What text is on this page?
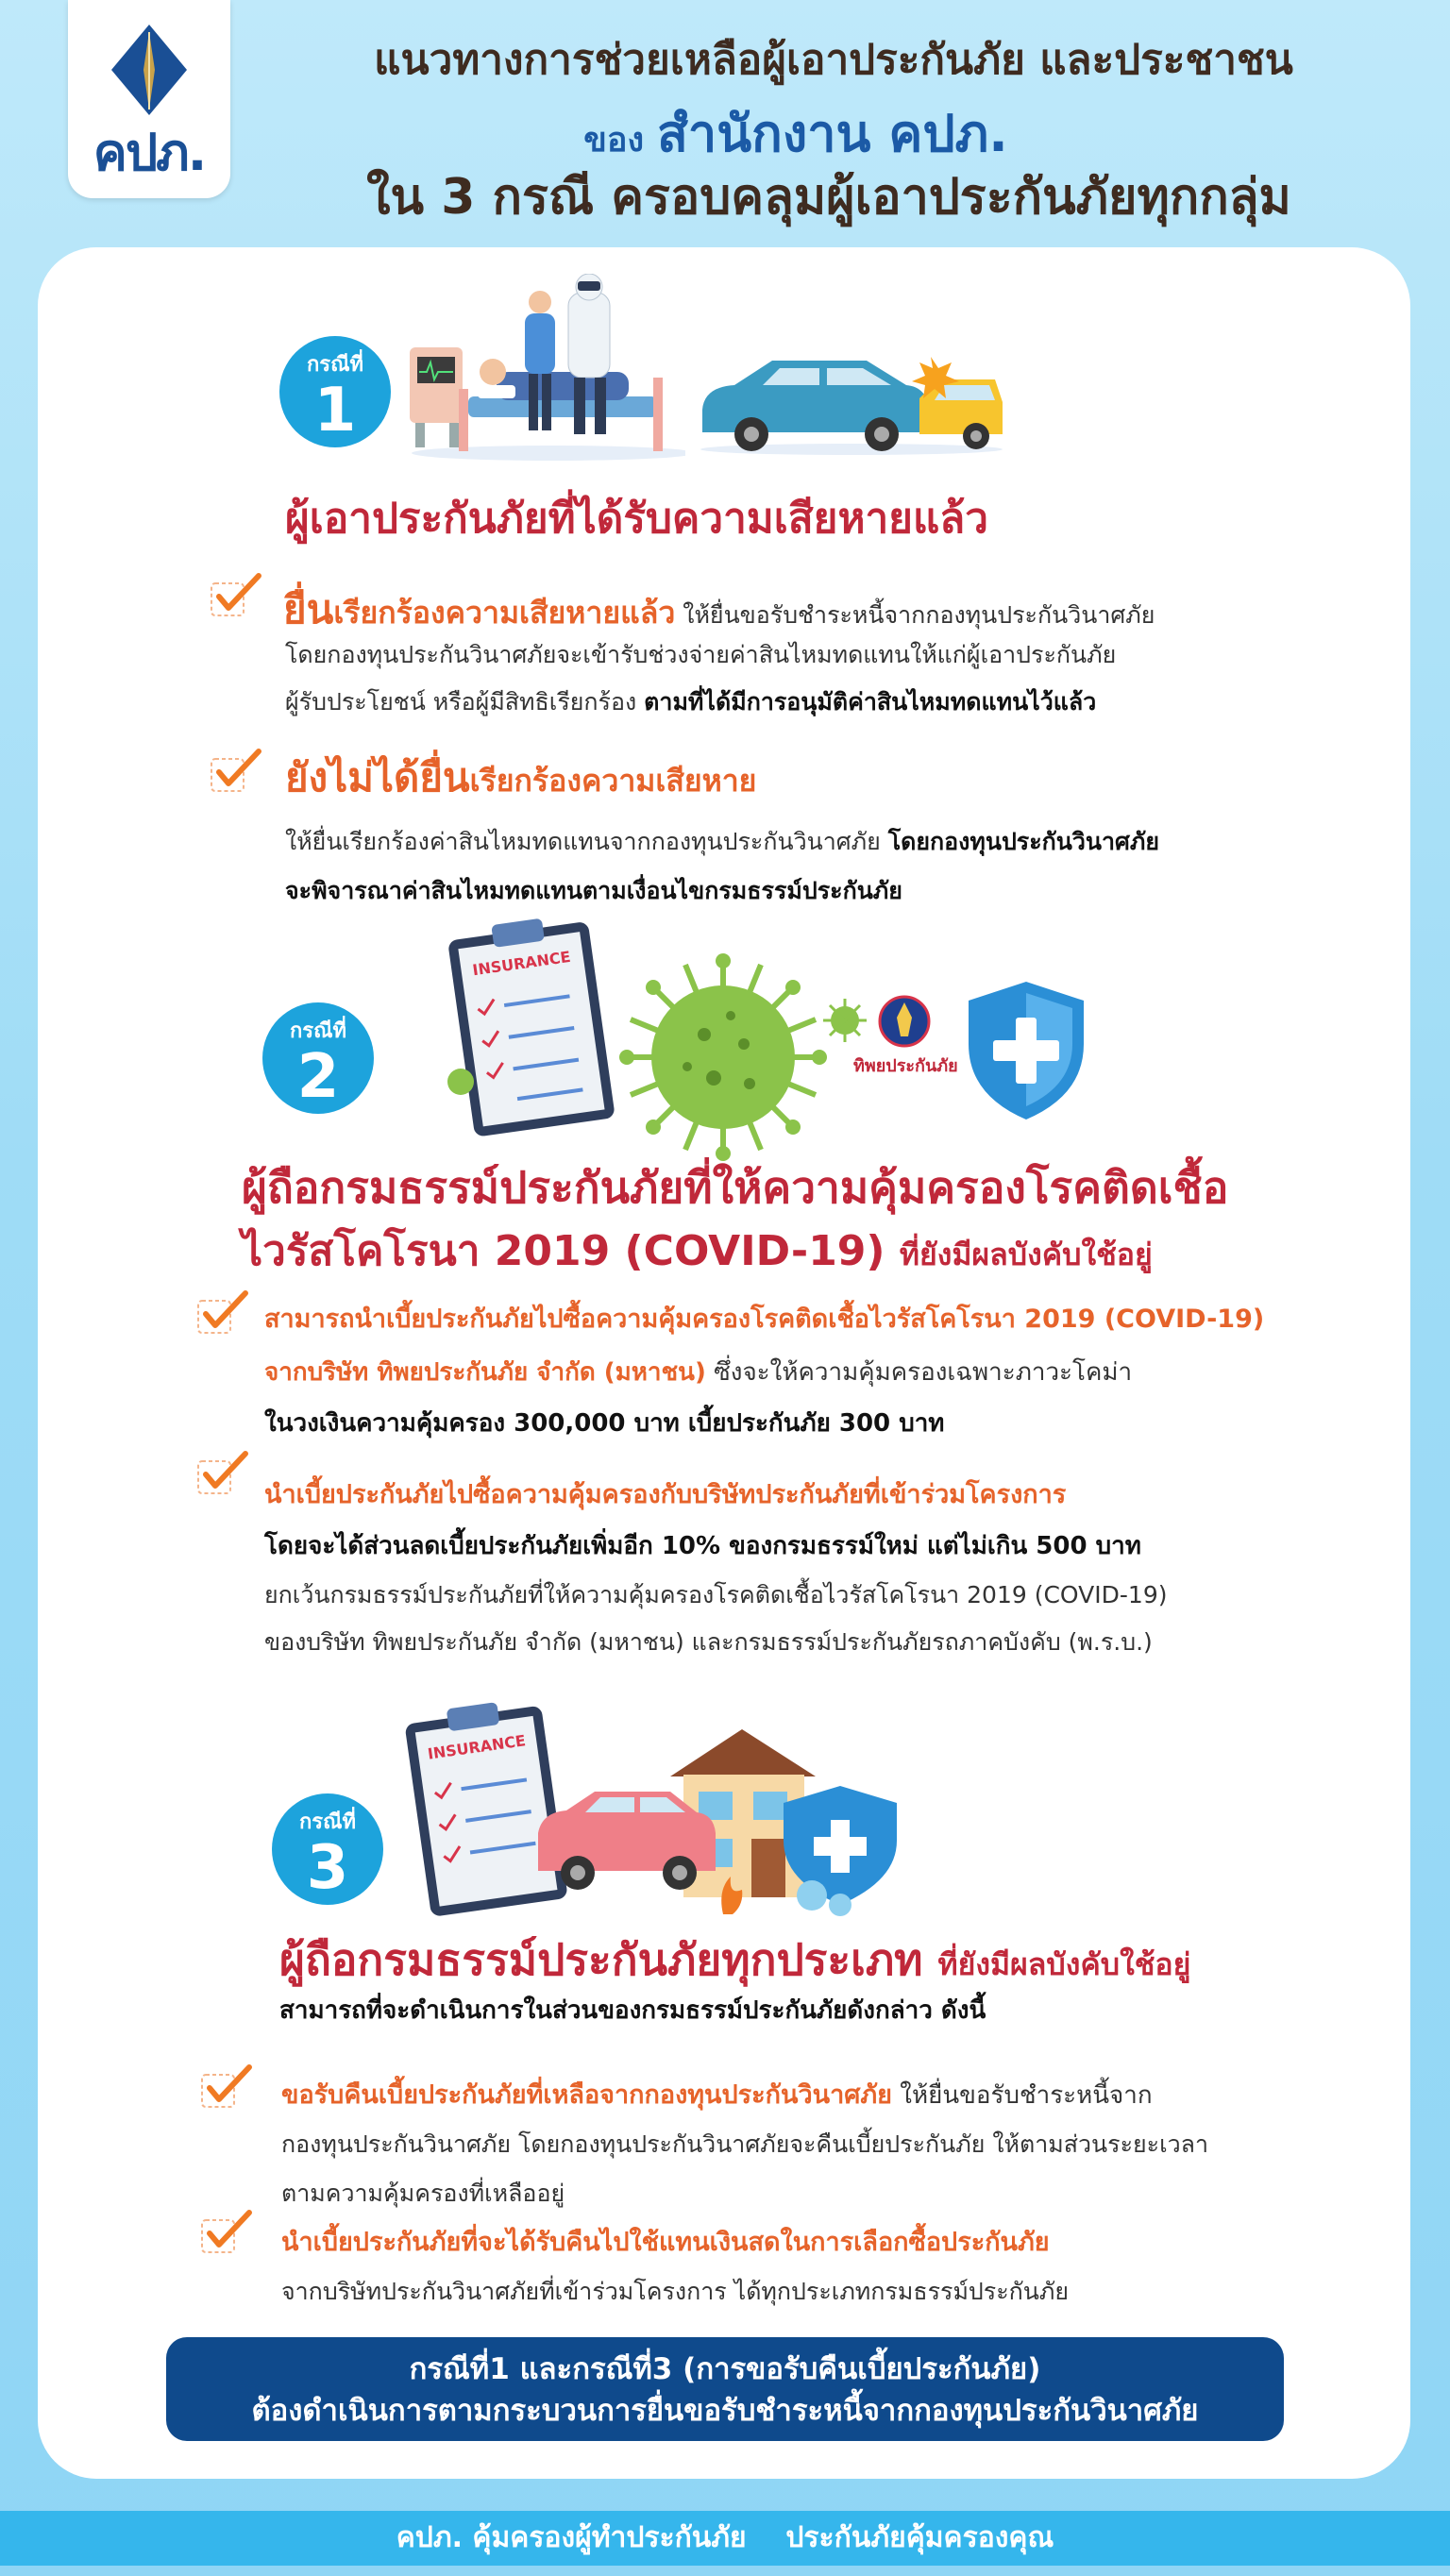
คปภ.
แนวทางการช่วยเหลือผู้เอาประกันภัย และประชาชน
ของ สำนักงาน คปภ.
ใน 3 กรณี ครอบคลุมผู้เอาประกันภัยทุกกลุ่ม
กรณีที่
1
ผู้เอาประกันภัยที่ได้รับความเสียหายแล้ว
ยื่นเรียกร้องความเสียหายแล้ว ให้ยื่นขอรับชำระหนี้จากกองทุนประกันวินาศภัย
โดยกองทุนประกันวินาศภัยจะเข้ารับช่วงจ่ายค่าสินไหมทดแทนให้แก่ผู้เอาประกันภัย
ผู้รับประโยชน์ หรือผู้มีสิทธิเรียกร้อง ตามที่ได้มีการอนุมัติค่าสินไหมทดแทนไว้แล้ว
ยังไม่ได้ยื่นเรียกร้องความเสียหาย
ให้ยื่นเรียกร้องค่าสินไหมทดแทนจากกองทุนประกันวินาศภัย โดยกองทุนประกันวินาศภัย
จะพิจารณาค่าสินไหมทดแทนตามเงื่อนไขกรมธรรม์ประกันภัย
กรณีที่
2
INSURANCE
ทิพยประกันภัย
ผู้ถือกรมธรรม์ประกันภัยที่ให้ความคุ้มครองโรคติดเชื้อ
ไวรัสโคโรนา 2019 (COVID-19) ที่ยังมีผลบังคับใช้อยู่
สามารถนำเบี้ยประกันภัยไปซื้อความคุ้มครองโรคติดเชื้อไวรัสโคโรนา 2019 (COVID-19)
จากบริษัท ทิพยประกันภัย จำกัด (มหาชน) ซึ่งจะให้ความคุ้มครองเฉพาะภาวะโคม่า
ในวงเงินความคุ้มครอง 300,000 บาท เบี้ยประกันภัย 300 บาท
นำเบี้ยประกันภัยไปซื้อความคุ้มครองกับบริษัทประกันภัยที่เข้าร่วมโครงการ
โดยจะได้ส่วนลดเบี้ยประกันภัยเพิ่มอีก 10% ของกรมธรรม์ใหม่ แต่ไม่เกิน 500 บาท
ยกเว้นกรมธรรม์ประกันภัยที่ให้ความคุ้มครองโรคติดเชื้อไวรัสโคโรนา 2019 (COVID-19)
ของบริษัท ทิพยประกันภัย จำกัด (มหาชน) และกรมธรรม์ประกันภัยรถภาคบังคับ (พ.ร.บ.)
กรณีที่
3
INSURANCE
ผู้ถือกรมธรรม์ประกันภัยทุกประเภท ที่ยังมีผลบังคับใช้อยู่
สามารถที่จะดำเนินการในส่วนของกรมธรรม์ประกันภัยดังกล่าว ดังนี้
ขอรับคืนเบี้ยประกันภัยที่เหลือจากกองทุนประกันวินาศภัย ให้ยื่นขอรับชำระหนี้จาก
กองทุนประกันวินาศภัย โดยกองทุนประกันวินาศภัยจะคืนเบี้ยประกันภัย ให้ตามส่วนระยะเวลา
ตามความคุ้มครองที่เหลืออยู่
นำเบี้ยประกันภัยที่จะได้รับคืนไปใช้แทนเงินสดในการเลือกซื้อประกันภัย
จากบริษัทประกันวินาศภัยที่เข้าร่วมโครงการ ได้ทุกประเภทกรมธรรม์ประกันภัย
กรณีที่1 และกรณีที่3 (การขอรับคืนเบี้ยประกันภัย)
ต้องดำเนินการตามกระบวนการยื่นขอรับชำระหนี้จากกองทุนประกันวินาศภัย
คปภ. คุ้มครองผู้ทำประกันภัย    ประกันภัยคุ้มครองคุณ
